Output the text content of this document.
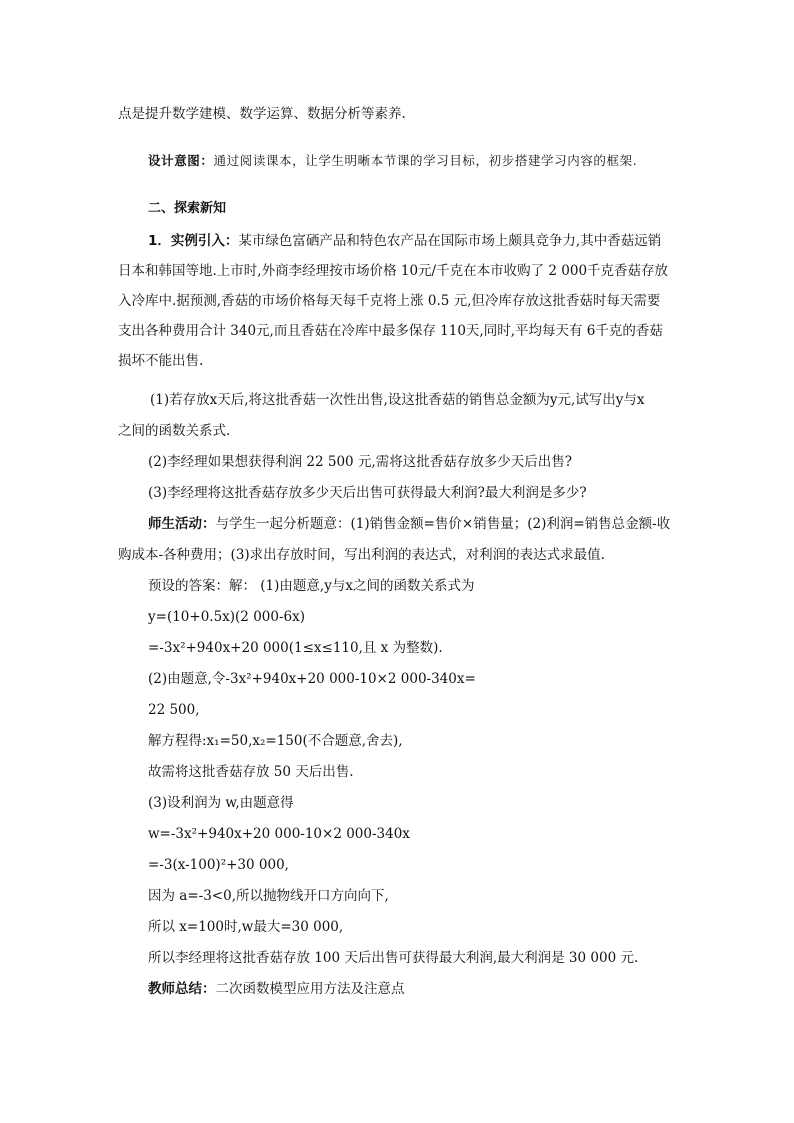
点是提升数学建模、数学运算、数据分析等素养.
设计意图：通过阅读课本，让学生明晰本节课的学习目标，初步搭建学习内容的框架.
二、探索新知
1．实例引入：某市绿色富硒产品和特色农产品在国际市场上颇具竞争力,其中香菇远销
日本和韩国等地.上市时,外商李经理按市场价格 10元/千克在本市收购了 2 000千克香菇存放
入冷库中.据预测,香菇的市场价格每天每千克将上涨 0.5 元,但冷库存放这批香菇时每天需要
支出各种费用合计 340元,而且香菇在冷库中最多保存 110天,同时,平均每天有 6千克的香菇
损坏不能出售.
(1)若存放x天后,将这批香菇一次性出售,设这批香菇的销售总金额为y元,试写出y与x
之间的函数关系式.
(2)李经理如果想获得利润 22 500 元,需将这批香菇存放多少天后出售?
(3)李经理将这批香菇存放多少天后出售可获得最大利润?最大利润是多少?
师生活动：与学生一起分析题意：(1)销售金额=售价×销售量；(2)利润=销售总金额-收
购成本-各种费用；(3)求出存放时间，写出利润的表达式，对利润的表达式求最值.
预设的答案：解： (1)由题意,y与x之间的函数关系式为
y=(10+0.5x)(2 000-6x)
=-3x²+940x+20 000(1≤x≤110,且 x 为整数).
(2)由题意,令-3x²+940x+20 000-10×2 000-340x=
22 500,
解方程得:x₁=50,x₂=150(不合题意,舍去),
故需将这批香菇存放 50 天后出售.
(3)设利润为 w,由题意得
w=-3x²+940x+20 000-10×2 000-340x
=-3(x-100)²+30 000,
因为 a=-3<0,所以抛物线开口方向向下,
所以 x=100时,w最大=30 000,
所以李经理将这批香菇存放 100 天后出售可获得最大利润,最大利润是 30 000 元.
教师总结：二次函数模型应用方法及注意点
